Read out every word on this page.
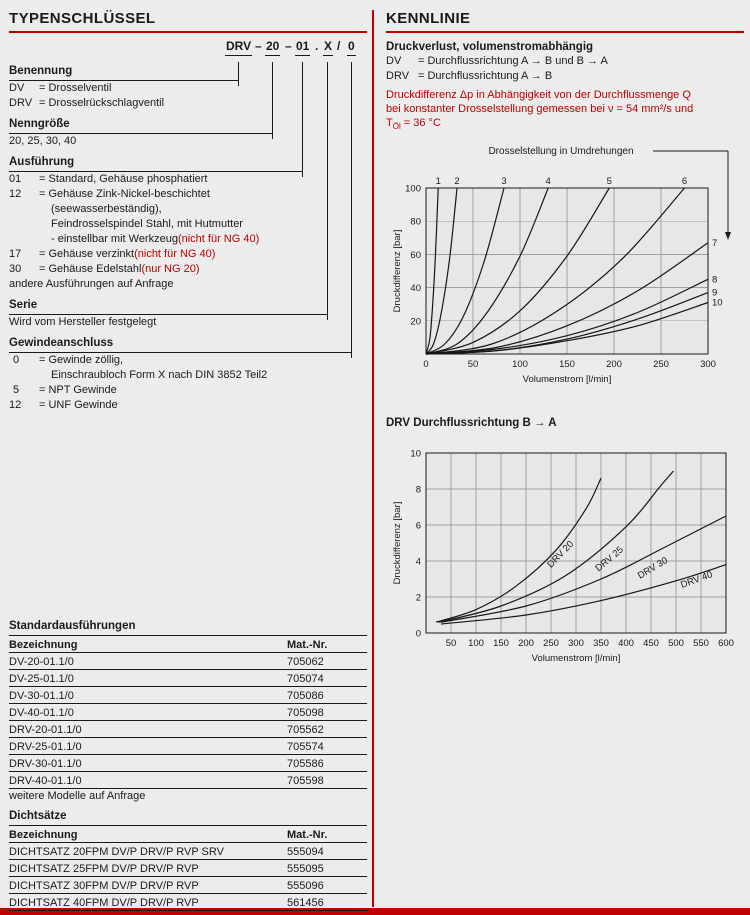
TYPENSCHLÜSSEL
DRV – 20 – 01 . X / 0
Benennung
DV	= Drosselventil
DRV = Drosselrückschlagventil
Nenngröße
20, 25, 30, 40
Ausführung
01	= Standard, Gehäuse phosphatiert
12	= Gehäuse Zink-Nickel-beschichtet
(seewasserbeständig),
Feindrosselspindel Stahl, mit Hutmutter
- einstellbar mit Werkzeug (nicht für NG 40)
17	= Gehäuse verzinkt (nicht für NG 40)
30	= Gehäuse Edelstahl (nur NG 20)
andere Ausführungen auf Anfrage
Serie
Wird vom Hersteller festgelegt
Gewindeanschluss
0	= Gewinde zöllig,
Einschraubloch Form X nach DIN 3852 Teil2
5	= NPT Gewinde
12	= UNF Gewinde
Standardausführungen
Bezeichnung	Mat.-Nr.
DV-20-01.1/0	705062
DV-25-01.1/0	705074
DV-30-01.1/0	705086
DV-40-01.1/0	705098
DRV-20-01.1/0	705562
DRV-25-01.1/0	705574
DRV-30-01.1/0	705586
DRV-40-01.1/0	705598
weitere Modelle auf Anfrage
Dichtsätze
Bezeichnung	Mat.-Nr.
DICHTSATZ 20FPM DV/P DRV/P RVP SRV	555094
DICHTSATZ 25FPM DV/P DRV/P RVP	555095
DICHTSATZ 30FPM DV/P DRV/P RVP	555096
DICHTSATZ 40FPM DV/P DRV/P RVP	561456
KENNLINIE
Druckverlust, volumenstromabhängig
DV	= Durchflussrichtung A → B und B → A
DRV = Durchflussrichtung A → B

Druckdifferenz Δp in Abhängigkeit von der Durchflussmenge Q bei konstanter Drosselstellung gemessen bei ν = 54 mm²/s und $T_{Öl} = 36$ °C

0	50	100	150	200	250	300
20
40
60
80
100
Volumenstrom [l/min]
Druckdifferenz [bar]
1 2	3	4	5	6
7
8
9
10
Drosselstellung in Umdrehungen
DRV Durchflussrichtung B → A
50 100 150 200 250 300 350 400 450 500 550 600
0
2
4
6
8
10
Volumenstrom [l/min]
Druckdifferenz [bar]	DRV 20 DRV 25 DRV 30 DRV 40
